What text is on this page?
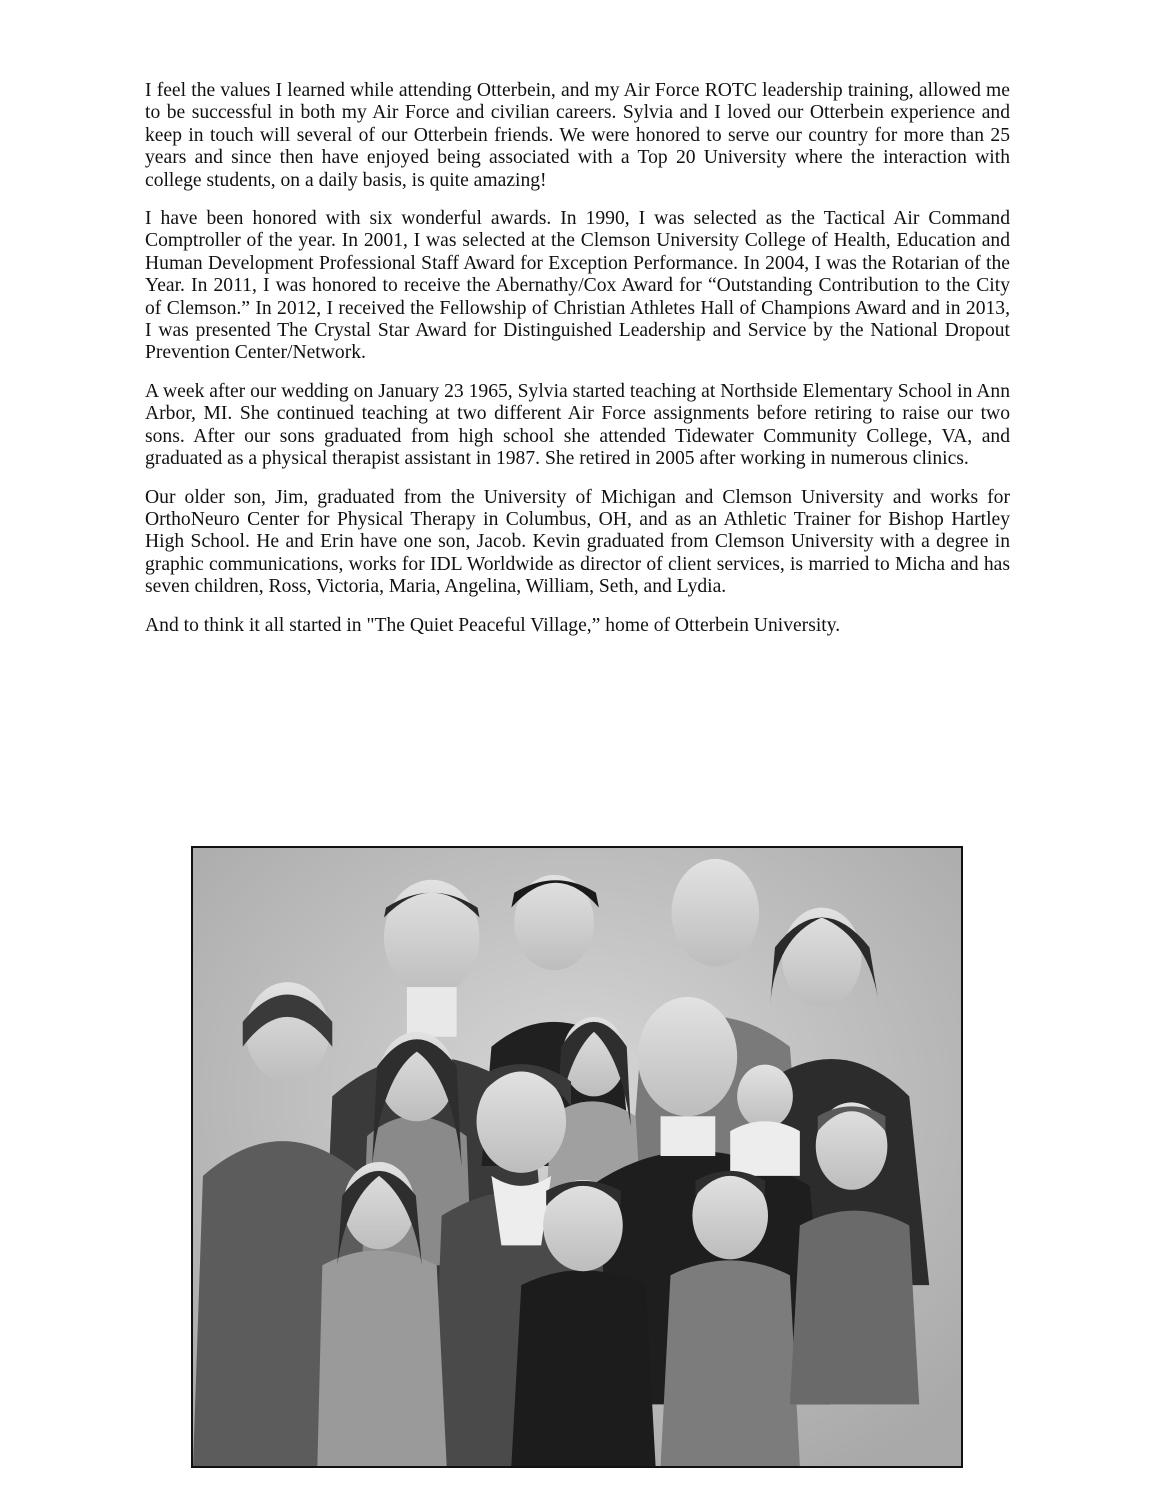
I feel the values I learned while attending Otterbein, and my Air Force ROTC leadership training, allowed me to be successful in both my Air Force and civilian careers. Sylvia and I loved our Otterbein experience and keep in touch will several of our Otterbein friends. We were honored to serve our country for more than 25 years and since then have enjoyed being associated with a Top 20 University where the interaction with college students, on a daily basis, is quite amazing!

I have been honored with six wonderful awards. In 1990, I was selected as the Tactical Air Command Comptroller of the year. In 2001, I was selected at the Clemson University College of Health, Education and Human Development Professional Staff Award for Exception Performance. In 2004, I was the Rotarian of the Year. In 2011, I was honored to receive the Abernathy/Cox Award for “Outstanding Contribution to the City of Clemson.” In 2012, I received the Fellowship of Christian Athletes Hall of Champions Award and in 2013, I was presented The Crystal Star Award for Distinguished Leadership and Service by the National Dropout Prevention Center/Network.

A week after our wedding on January 23 1965, Sylvia started teaching at Northside Elementary School in Ann Arbor, MI. She continued teaching at two different Air Force assignments before retiring to raise our two sons. After our sons graduated from high school she attended Tidewater Community College, VA, and graduated as a physical therapist assistant in 1987. She retired in 2005 after working in numerous clinics.

Our older son, Jim, graduated from the University of Michigan and Clemson University and works for OrthoNeuro Center for Physical Therapy in Columbus, OH, and as an Athletic Trainer for Bishop Hartley High School. He and Erin have one son, Jacob. Kevin graduated from Clemson University with a degree in graphic communications, works for IDL Worldwide as director of client services, is married to Micha and has seven children, Ross, Victoria, Maria, Angelina, William, Seth, and Lydia.

And to think it all started in "The Quiet Peaceful Village,” home of Otterbein University.
